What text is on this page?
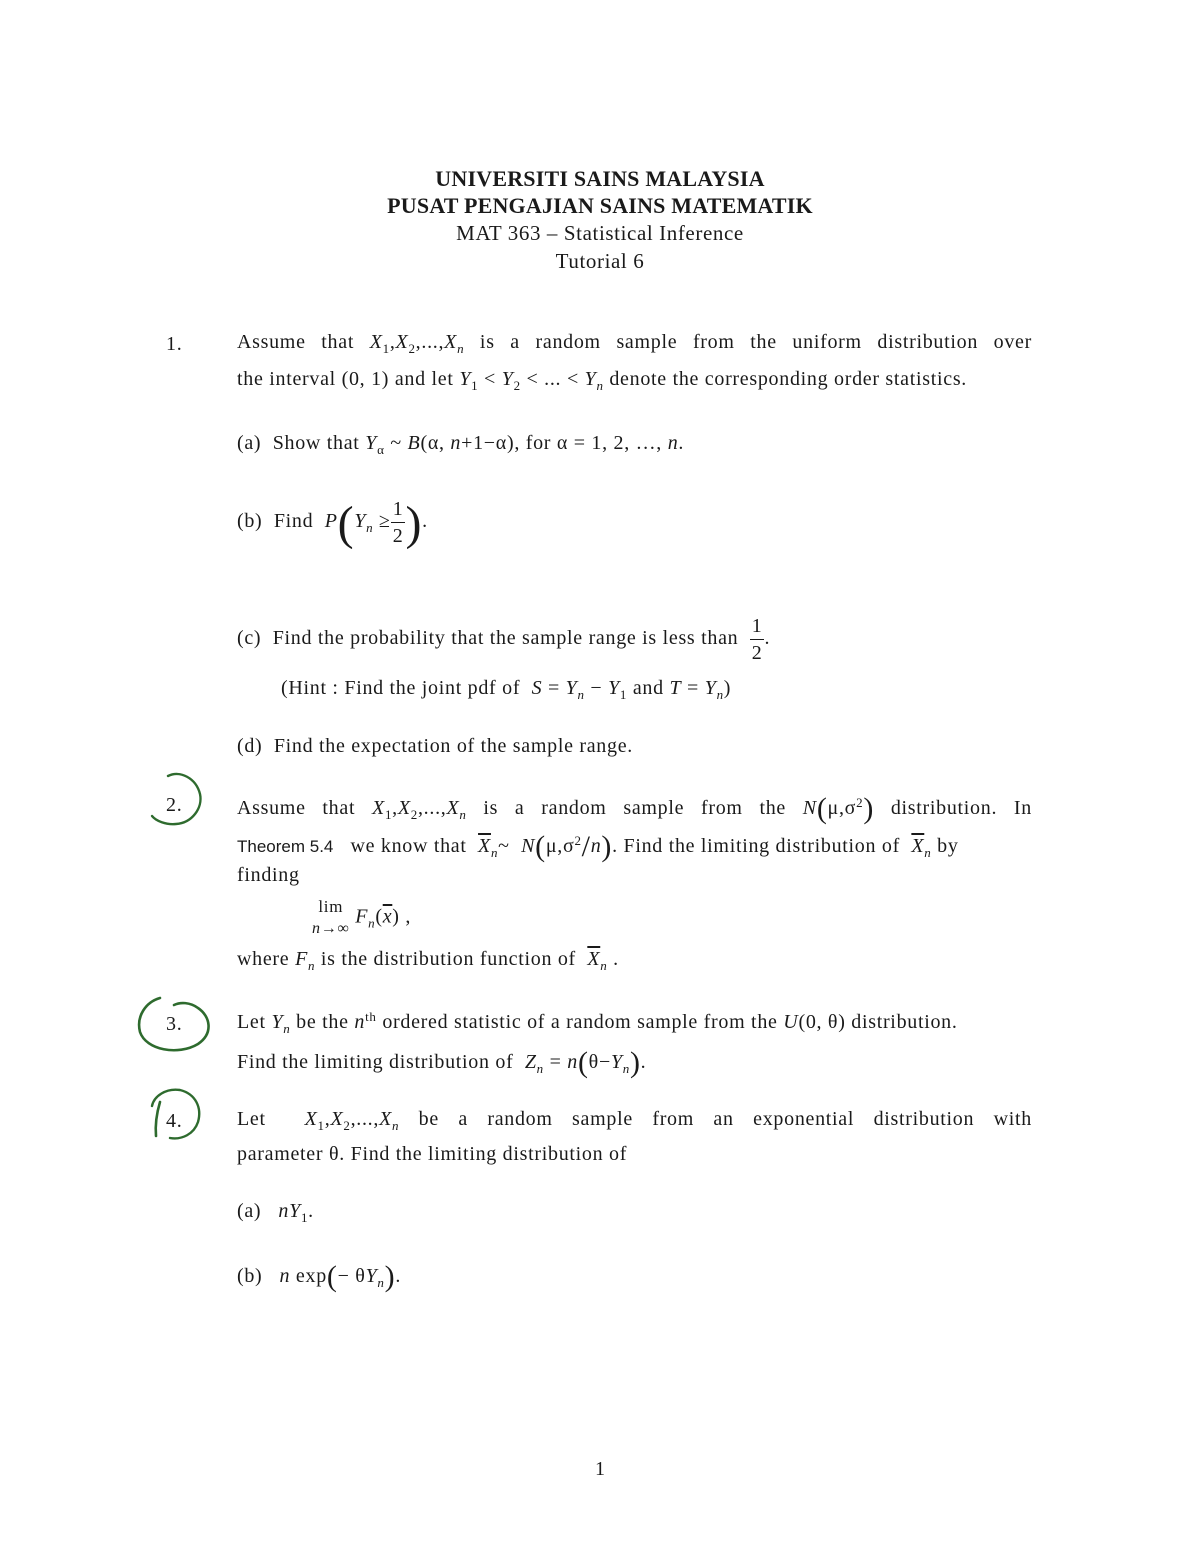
UNIVERSITI SAINS MALAYSIA
PUSAT PENGAJIAN SAINS MATEMATIK
MAT 363 – Statistical Inference
Tutorial 6
1.	Assume that $X_1,X_2,...,X_n$ is a random sample from the uniform distribution over
the interval (0, 1) and let $Y_1 < Y_2$ < ... < $Y_n$ denote the corresponding order statistics.
(a)  Show that $Y_\alpha$ ~ B(α, n+1−α), for α = 1, 2, …, n.
(b)  Find  $P(Y_n \ge \frac{1}{2}$ ).
(c)  Find the probability that the sample range is less than $\frac{1}{2}$ .
(Hint : Find the joint pdf of  $S = Y_n - Y_1$ and $T = Y_n$)
(d)  Find the expectation of the sample range.
2.	Assume that $X_1,X_2,...,X_n$ is a random sample from the $N(\mu,\sigma^2)$ distribution. In
Theorem 5.4   we know that  $\overline{X}_n\sim$  $N(\mu,\sigma^2/n)$. Find the limiting distribution of  $\overline{X}_n$ by
finding
lim
n→∞
$F_n(\overline{x})$ ,
where $F_n$ is the distribution function of  $\overline{X}_n$ .
3.	Let $Y_n$ be the $n^{th}$ ordered statistic of a random sample from the U(0, θ) distribution.
Find the limiting distribution of  $Z_n = n(\theta-Y_n)$.
4.	Let  $X_1,X_2,...,X_n$ be a random sample from an exponential distribution with
parameter θ. Find the limiting distribution of
(a) $nY_1$.
(b) n $\exp(- \theta Y_n)$.
1
